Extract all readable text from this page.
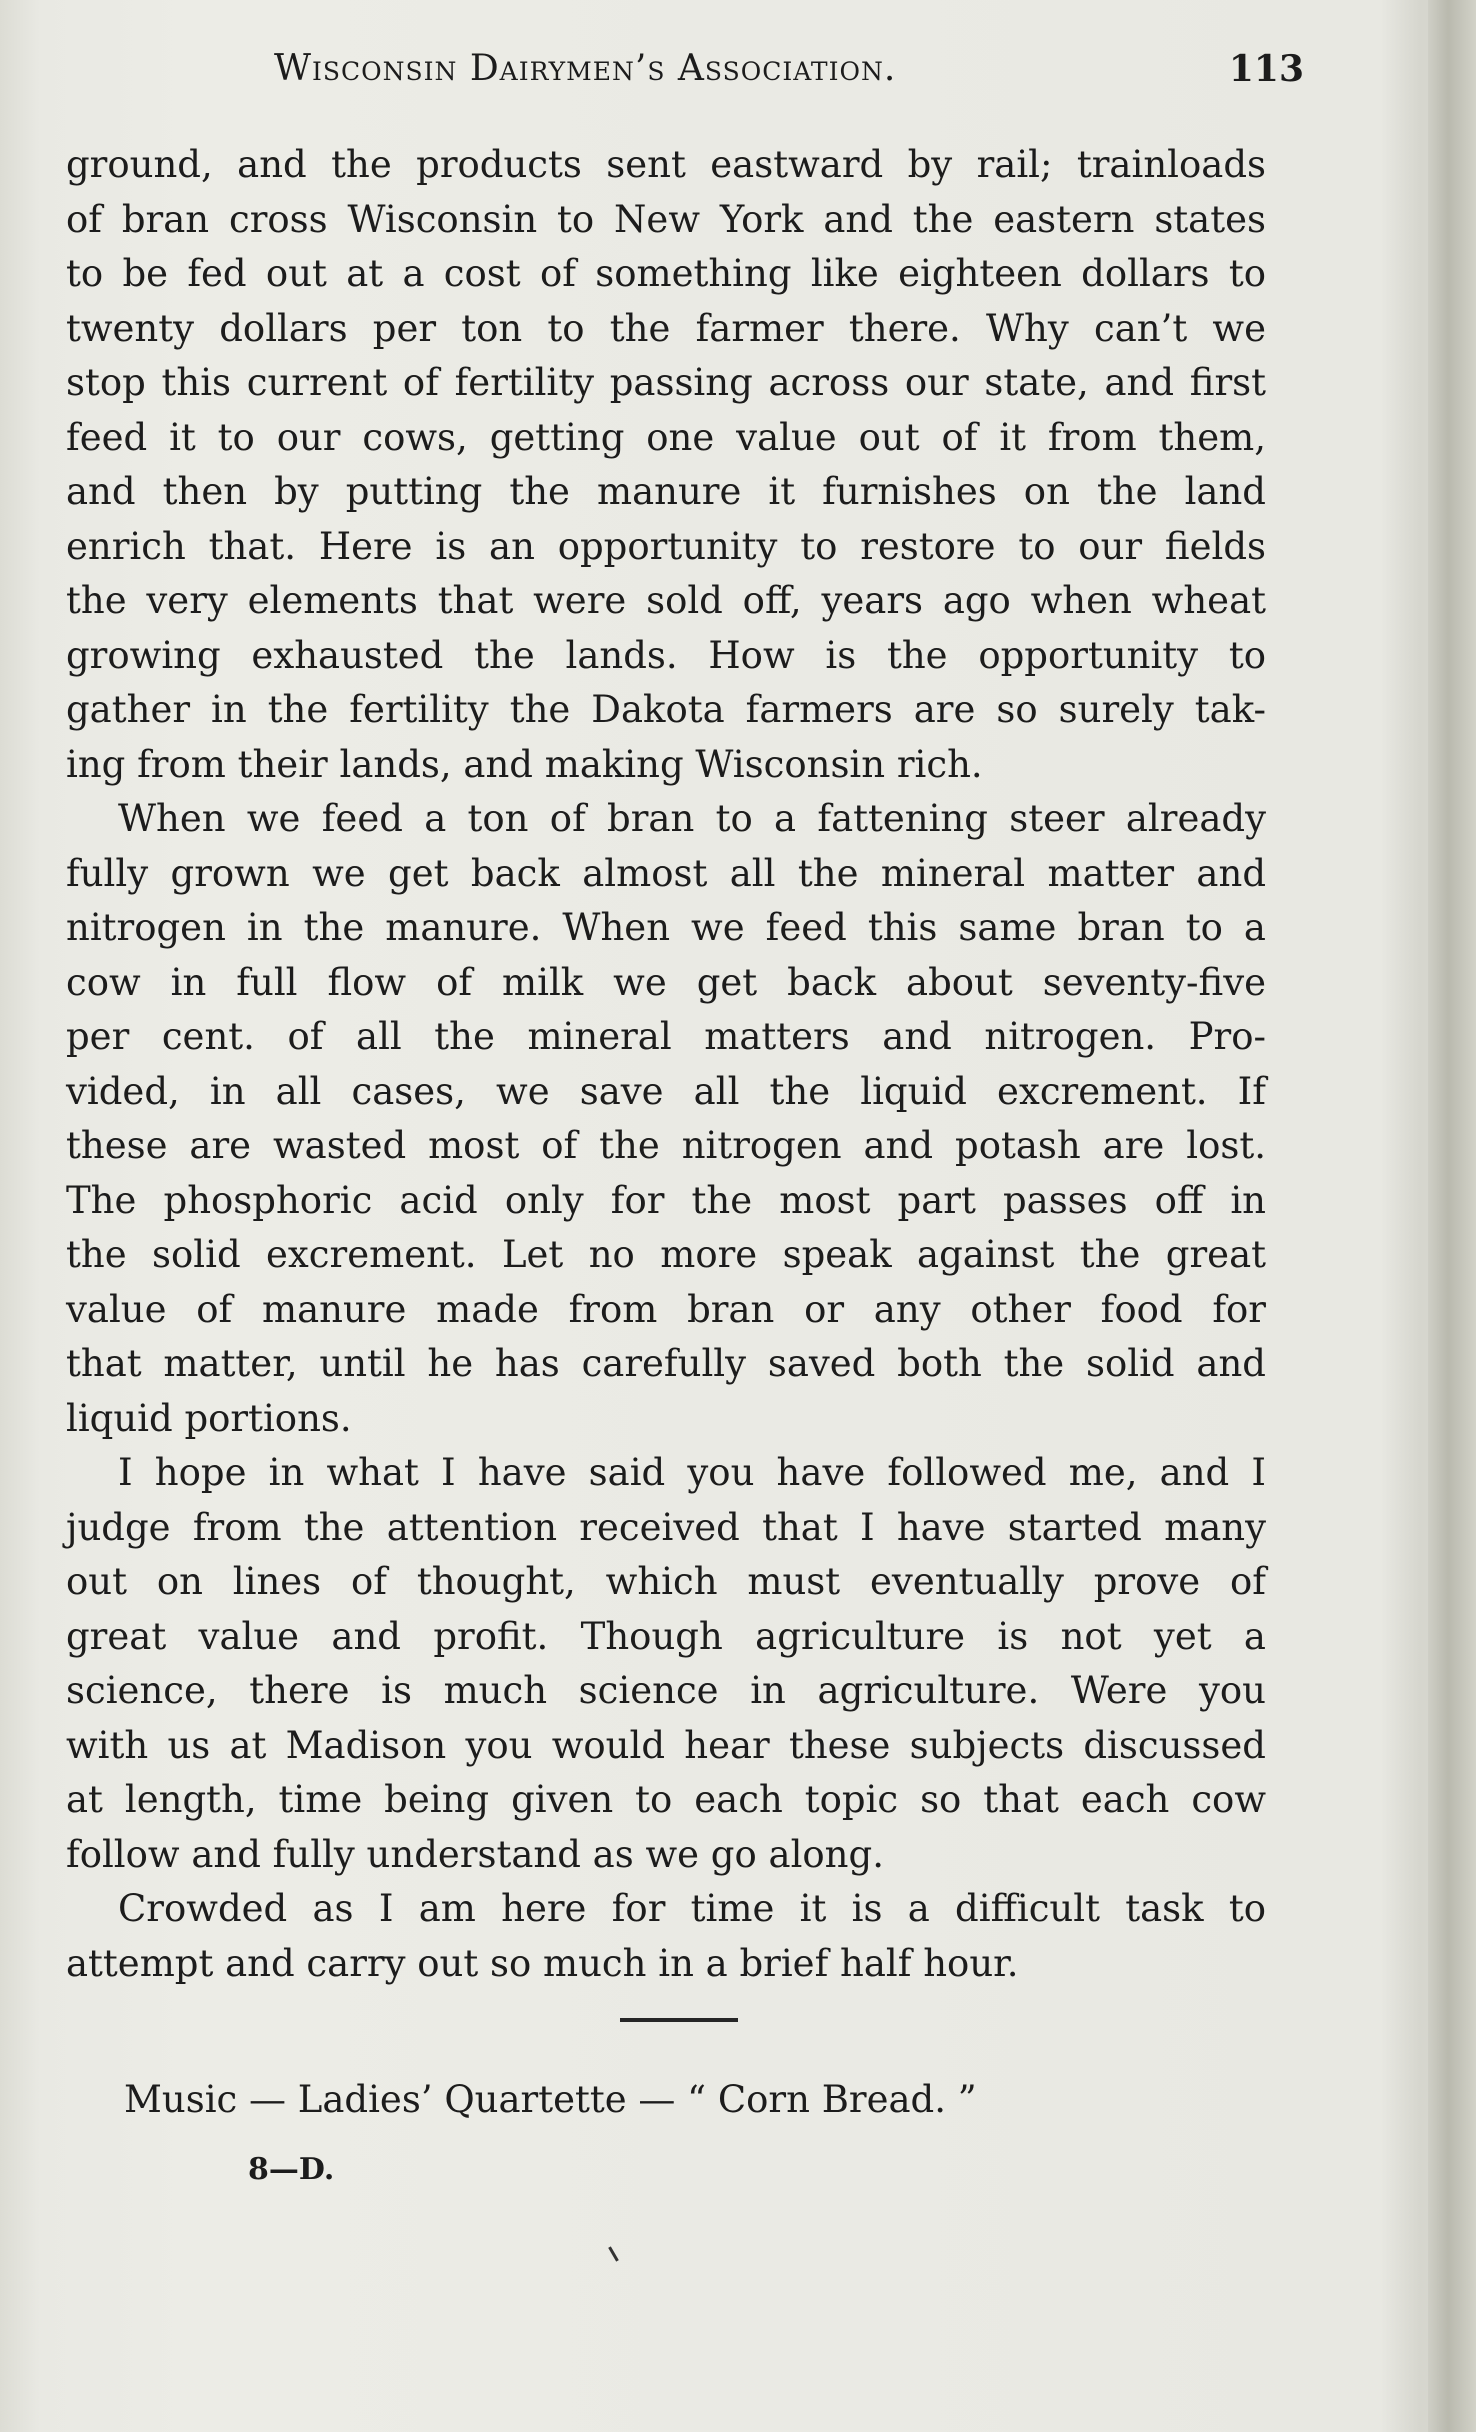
Wisconsin Dairymen’s Association.	113
ground, and the products sent eastward by rail; trainloads
of bran cross Wisconsin to New York and the eastern states
to be fed out at a cost of something like eighteen dollars to
twenty dollars per ton to the farmer there. Why can’t we
stop this current of fertility passing across our state, and first
feed it to our cows, getting one value out of it from them,
and then by putting the manure it furnishes on the land
enrich that. Here is an opportunity to restore to our fields
the very elements that were sold off, years ago when wheat
growing exhausted the lands. How is the opportunity to
gather in the fertility the Dakota farmers are so surely tak-
ing from their lands, and making Wisconsin rich.
When we feed a ton of bran to a fattening steer already
fully grown we get back almost all the mineral matter and
nitrogen in the manure. When we feed this same bran to a
cow in full flow of milk we get back about seventy-five
per cent. of all the mineral matters and nitrogen. Pro-
vided, in all cases, we save all the liquid excrement. If
these are wasted most of the nitrogen and potash are lost.
The phosphoric acid only for the most part passes off in
the solid excrement. Let no more speak against the great
value of manure made from bran or any other food for
that matter, until he has carefully saved both the solid and
liquid portions.
I hope in what I have said you have followed me, and I
judge from the attention received that I have started many
out on lines of thought, which must eventually prove of
great value and profit. Though agriculture is not yet a
science, there is much science in agriculture. Were you
with us at Madison you would hear these subjects discussed
at length, time being given to each topic so that each cow
follow and fully understand as we go along.
Crowded as I am here for time it is a difficult task to
attempt and carry out so much in a brief half hour.
Music — Ladies’ Quartette — “ Corn Bread. ”
8—D.
